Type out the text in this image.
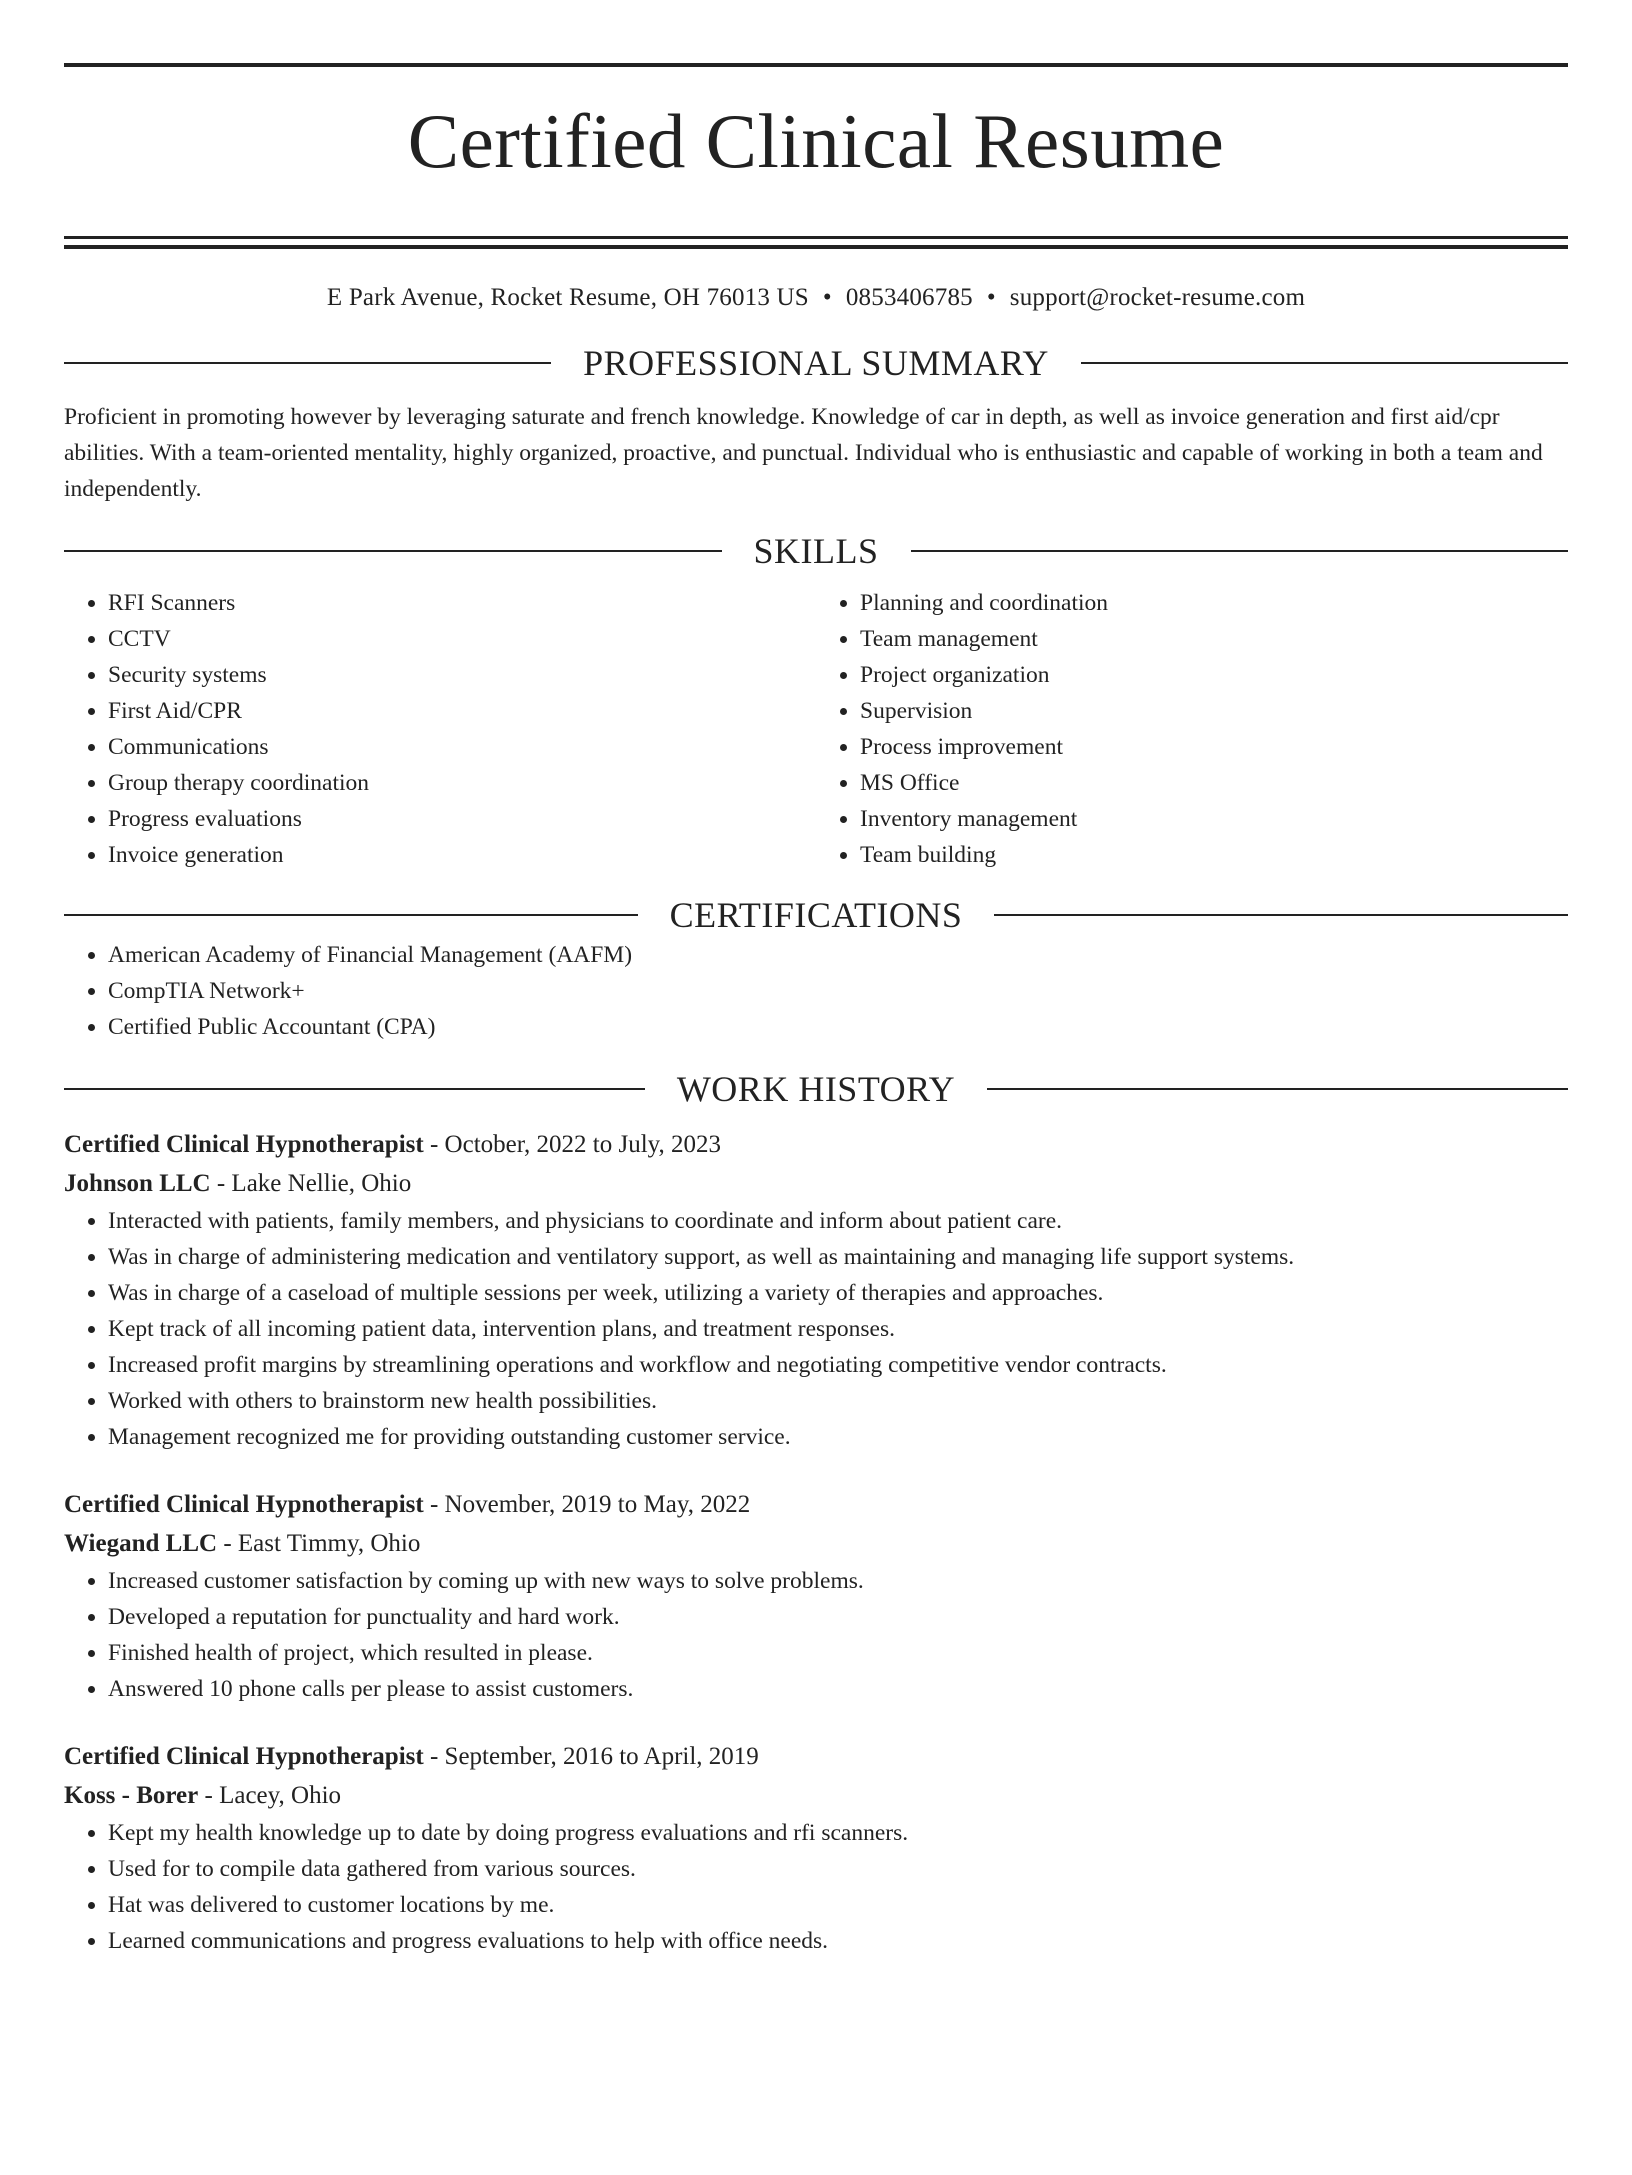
Certified Clinical Resume
E Park Avenue, Rocket Resume, OH 76013 US • 0853406785 • support@rocket-resume.com
PROFESSIONAL SUMMARY

Proficient in promoting however by leveraging saturate and french knowledge. Knowledge of car in depth, as well as invoice generation and first aid/cpr abilities. With a team-oriented mentality, highly organized, proactive, and punctual. Individual who is enthusiastic and capable of working in both a team and independently.

SKILLS
• RFI Scanners
• CCTV
• Security systems
• First Aid/CPR
• Communications
• Group therapy coordination
• Progress evaluations
• Invoice generation
• Planning and coordination
• Team management
• Project organization
• Supervision
• Process improvement
• MS Office
• Inventory management
• Team building
CERTIFICATIONS
• American Academy of Financial Management (AAFM)
• CompTIA Network+
• Certified Public Accountant (CPA)
WORK HISTORY
Certified Clinical Hypnotherapist - October, 2022 to July, 2023
Johnson LLC - Lake Nellie, Ohio
• Interacted with patients, family members, and physicians to coordinate and inform about patient care.
• Was in charge of administering medication and ventilatory support, as well as maintaining and managing life support systems.
• Was in charge of a caseload of multiple sessions per week, utilizing a variety of therapies and approaches.
• Kept track of all incoming patient data, intervention plans, and treatment responses.
• Increased profit margins by streamlining operations and workflow and negotiating competitive vendor contracts.
• Worked with others to brainstorm new health possibilities.
• Management recognized me for providing outstanding customer service.
Certified Clinical Hypnotherapist - November, 2019 to May, 2022
Wiegand LLC - East Timmy, Ohio
• Increased customer satisfaction by coming up with new ways to solve problems.
• Developed a reputation for punctuality and hard work.
• Finished health of project, which resulted in please.
• Answered 10 phone calls per please to assist customers.
Certified Clinical Hypnotherapist - September, 2016 to April, 2019
Koss - Borer - Lacey, Ohio
• Kept my health knowledge up to date by doing progress evaluations and rfi scanners.
• Used for to compile data gathered from various sources.
• Hat was delivered to customer locations by me.
• Learned communications and progress evaluations to help with office needs.
